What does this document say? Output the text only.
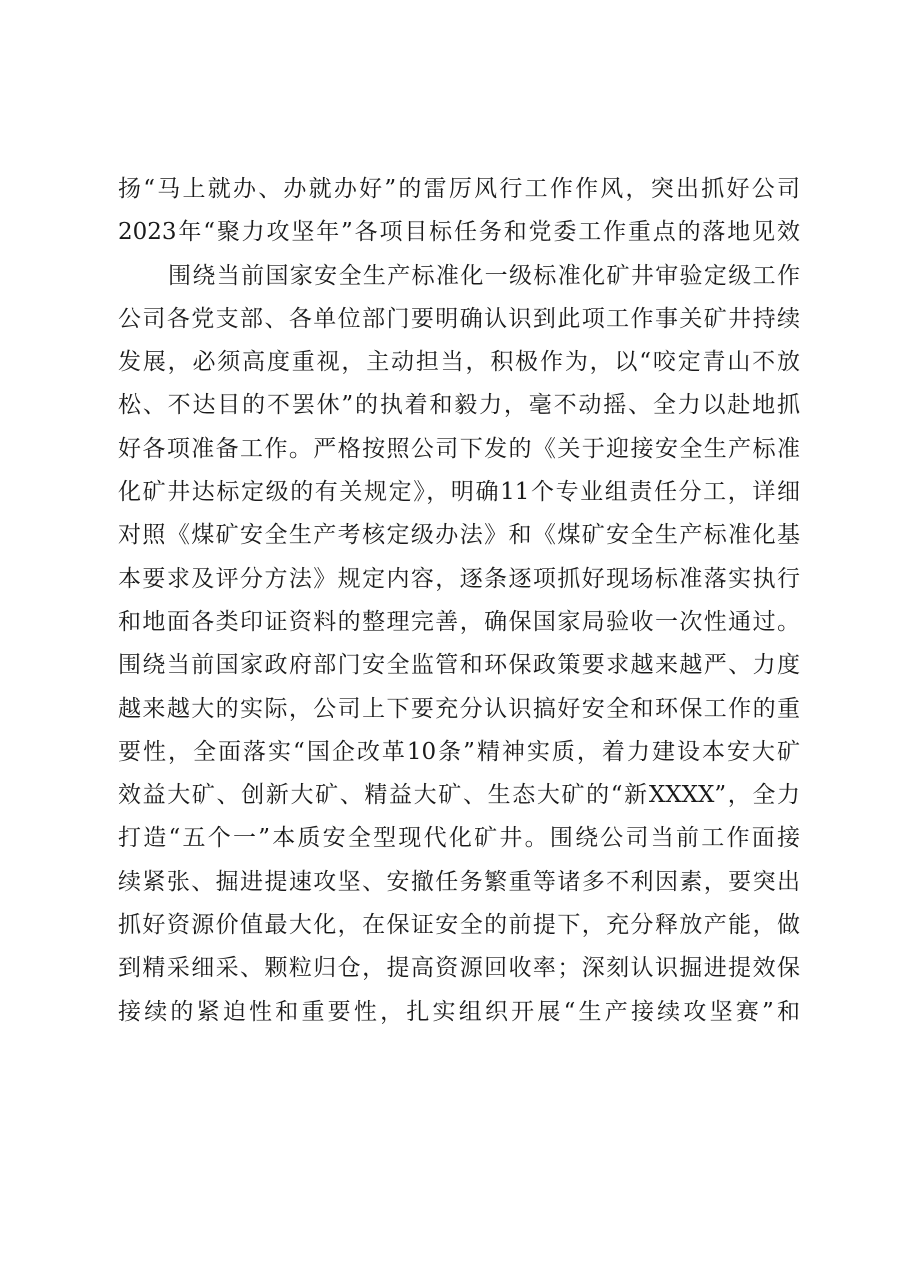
扬“马上就办、办就办好”的雷厉风行工作作风，突出抓好公司
2023年“聚力攻坚年”各项目标任务和党委工作重点的落地见效
围绕当前国家安全生产标准化一级标准化矿井审验定级工作
公司各党支部、各单位部门要明确认识到此项工作事关矿井持续
发展，必须高度重视，主动担当，积极作为，以“咬定青山不放
松、不达目的不罢休”的执着和毅力，毫不动摇、全力以赴地抓
好各项准备工作。严格按照公司下发的《关于迎接安全生产标准
化矿井达标定级的有关规定》，明确11个专业组责任分工，详细
对照《煤矿安全生产考核定级办法》和《煤矿安全生产标准化基
本要求及评分方法》规定内容，逐条逐项抓好现场标准落实执行
和地面各类印证资料的整理完善，确保国家局验收一次性通过。
围绕当前国家政府部门安全监管和环保政策要求越来越严、力度
越来越大的实际，公司上下要充分认识搞好安全和环保工作的重
要性，全面落实“国企改革10条”精神实质，着力建设本安大矿
效益大矿、创新大矿、精益大矿、生态大矿的“新XXXX”，全力
打造“五个一”本质安全型现代化矿井。围绕公司当前工作面接
续紧张、掘进提速攻坚、安撤任务繁重等诸多不利因素，要突出
抓好资源价值最大化，在保证安全的前提下，充分释放产能，做
到精采细采、颗粒归仓，提高资源回收率；深刻认识掘进提效保
接续的紧迫性和重要性，扎实组织开展“生产接续攻坚赛”和
